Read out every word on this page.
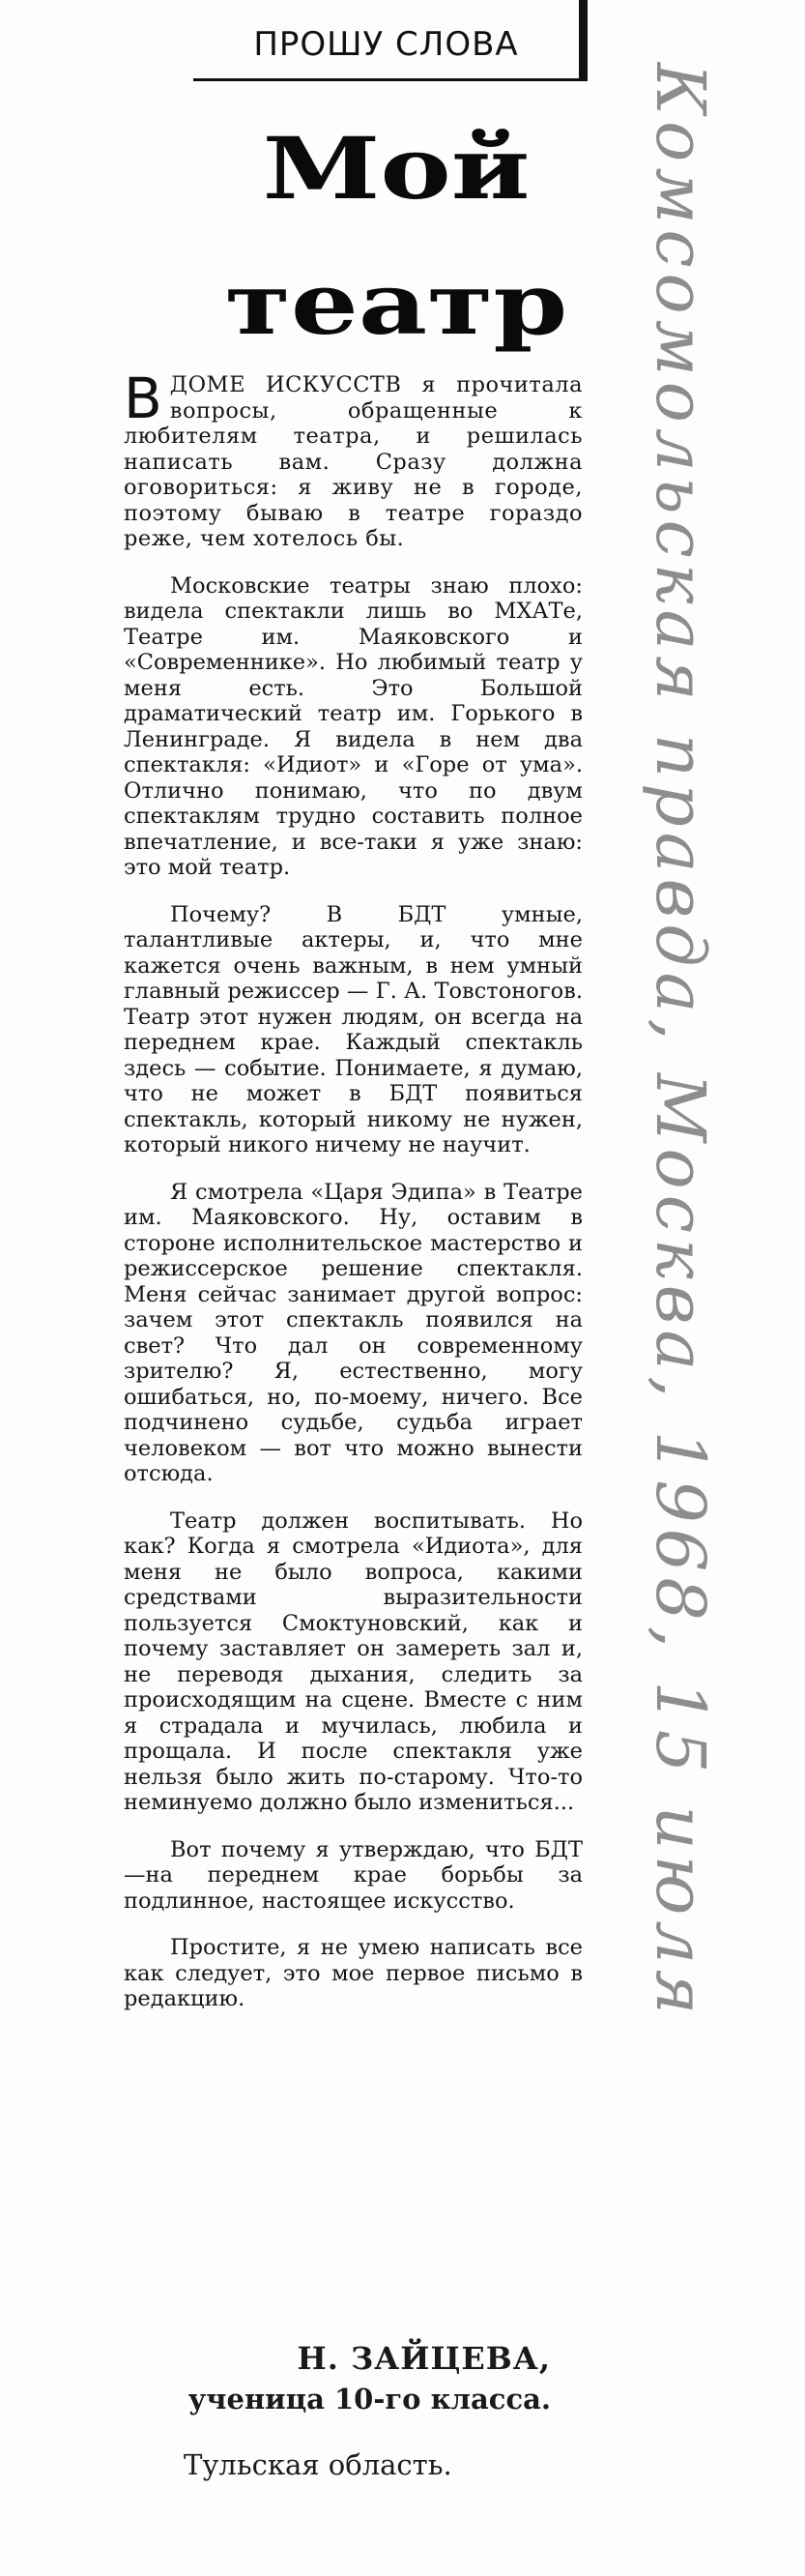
ПРОШУ СЛОВА
Мой
театр

ВДОМЕ ИСКУССТВ я прочитала вопросы, обращенные к любителям театра, и решилась написать вам. Сразу должна оговориться: я живу не в городе, поэтому бываю в театре гораздо реже, чем хотелось бы.

Московские театры знаю плохо: видела спектакли лишь во МХАТе, Театре им. Маяковского и «Современнике». Но любимый театр у меня есть. Это Большой драматический театр им. Горького в Ленинграде. Я видела в нем два спектакля: «Идиот» и «Горе от ума». Отлично понимаю, что по двум спектаклям трудно составить полное впечатление, и все-таки я уже знаю: это мой театр.

Почему? В БДТ умные, талантливые актеры, и, что мне кажется очень важным, в нем умный главный режиссер — Г. А. Товстоногов. Театр этот нужен людям, он всегда на переднем крае. Каждый спектакль здесь — событие. Понимаете, я думаю, что не может в БДТ появиться спектакль, который никому не нужен, который никого ничему не научит.

Я смотрела «Царя Эдипа» в Театре им. Маяковского. Ну, оставим в стороне исполнительское мастерство и режиссерское решение спектакля. Меня сейчас занимает другой вопрос: зачем этот спектакль появился на свет? Что дал он современному зрителю? Я, естественно, могу ошибаться, но, по-моему, ничего. Все подчинено судьбе, судьба играет человеком — вот что можно вынести отсюда.

Театр должен воспитывать. Но как? Когда я смотрела «Идиота», для меня не было вопроса, какими средствами выразительности пользуется Смоктуновский, как и почему заставляет он замереть зал и, не переводя дыхания, следить за происходящим на сцене. Вместе с ним я страдала и мучилась, любила и прощала. И после спектакля уже нельзя было жить по-старому. Что-то неминуемо должно было измениться...

Вот почему я утверждаю, что БДТ—на переднем крае борьбы за подлинное, настоящее искусство.

Простите, я не умею написать все как следует, это мое первое письмо в редакцию.

Н. ЗАЙЦЕВА,

ученица 10-го класса.

Тульская область.

Комсомольская правда, Москва, 1968, 15 июля
